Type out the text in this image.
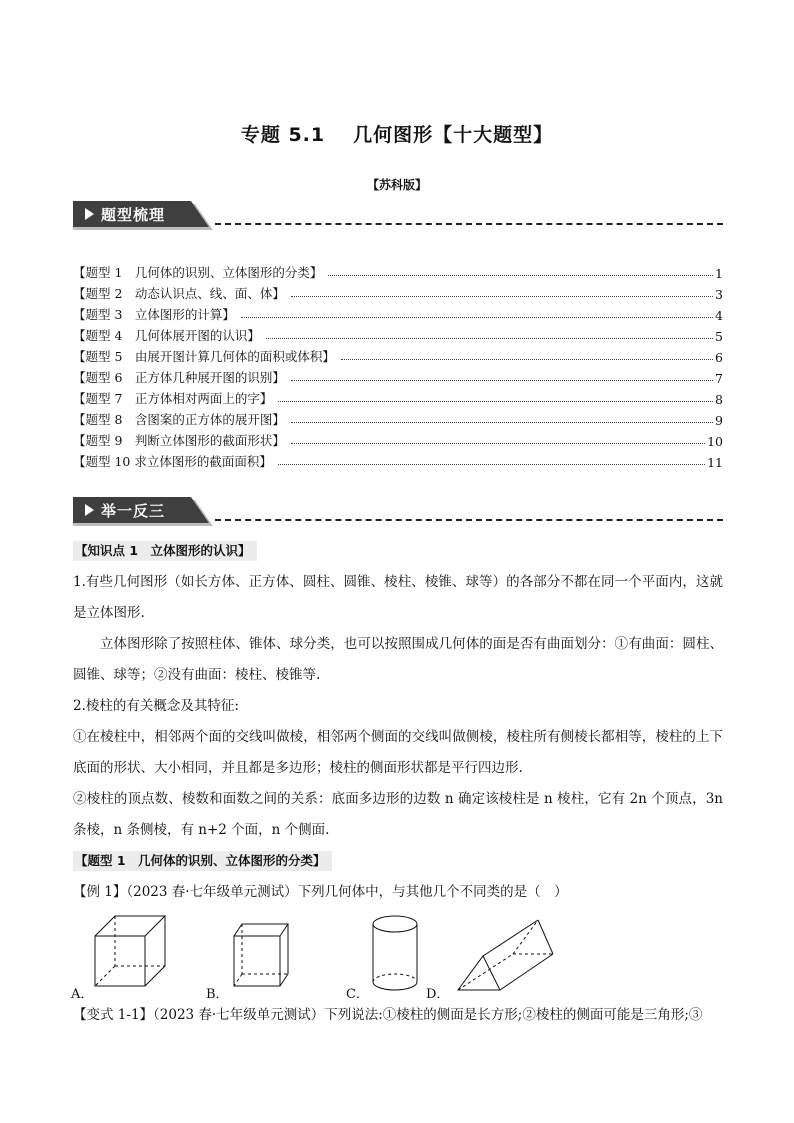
专题 5.1 几何图形【十大题型】
【苏科版】
题型梳理
【题型 1　几何体的识别、立体图形的分类】	1
【题型 2　动态认识点、线、面、体】	3
【题型 3　立体图形的计算】	4
【题型 4　几何体展开图的认识】	5
【题型 5　由展开图计算几何体的面积或体积】	6
【题型 6　正方体几种展开图的识别】	7
【题型 7　正方体相对两面上的字】	8
【题型 8　含图案的正方体的展开图】	9
【题型 9　判断立体图形的截面形状】	10
【题型 10 求立体图形的截面面积】	11
举一反三
【知识点 1　立体图形的认识】

1.有些几何图形（如长方体、正方体、圆柱、圆锥、棱柱、棱锥、球等）的各部分不都在同一个平面内，这就是立体图形.

立体图形除了按照柱体、锥体、球分类，也可以按照围成几何体的面是否有曲面划分：①有曲面：圆柱、圆锥、球等；②没有曲面：棱柱、棱锥等.

2.棱柱的有关概念及其特征:

①在棱柱中，相邻两个面的交线叫做棱，相邻两个侧面的交线叫做侧棱，棱柱所有侧棱长都相等，棱柱的上下底面的形状、大小相同，并且都是多边形；棱柱的侧面形状都是平行四边形.

②棱柱的顶点数、棱数和面数之间的关系：底面多边形的边数 n 确定该棱柱是 n 棱柱，它有 2n 个顶点，3n 条棱，n 条侧棱，有 n+2 个面，n 个侧面.

【题型 1　几何体的识别、立体图形的分类】

【例 1】（2023 春·七年级单元测试）下列几何体中，与其他几个不同类的是（　）

A．	B．	C．	D．
【变式 1-1】（2023 春·七年级单元测试）下列说法:①棱柱的侧面是长方形;②棱柱的侧面可能是三角形;③
